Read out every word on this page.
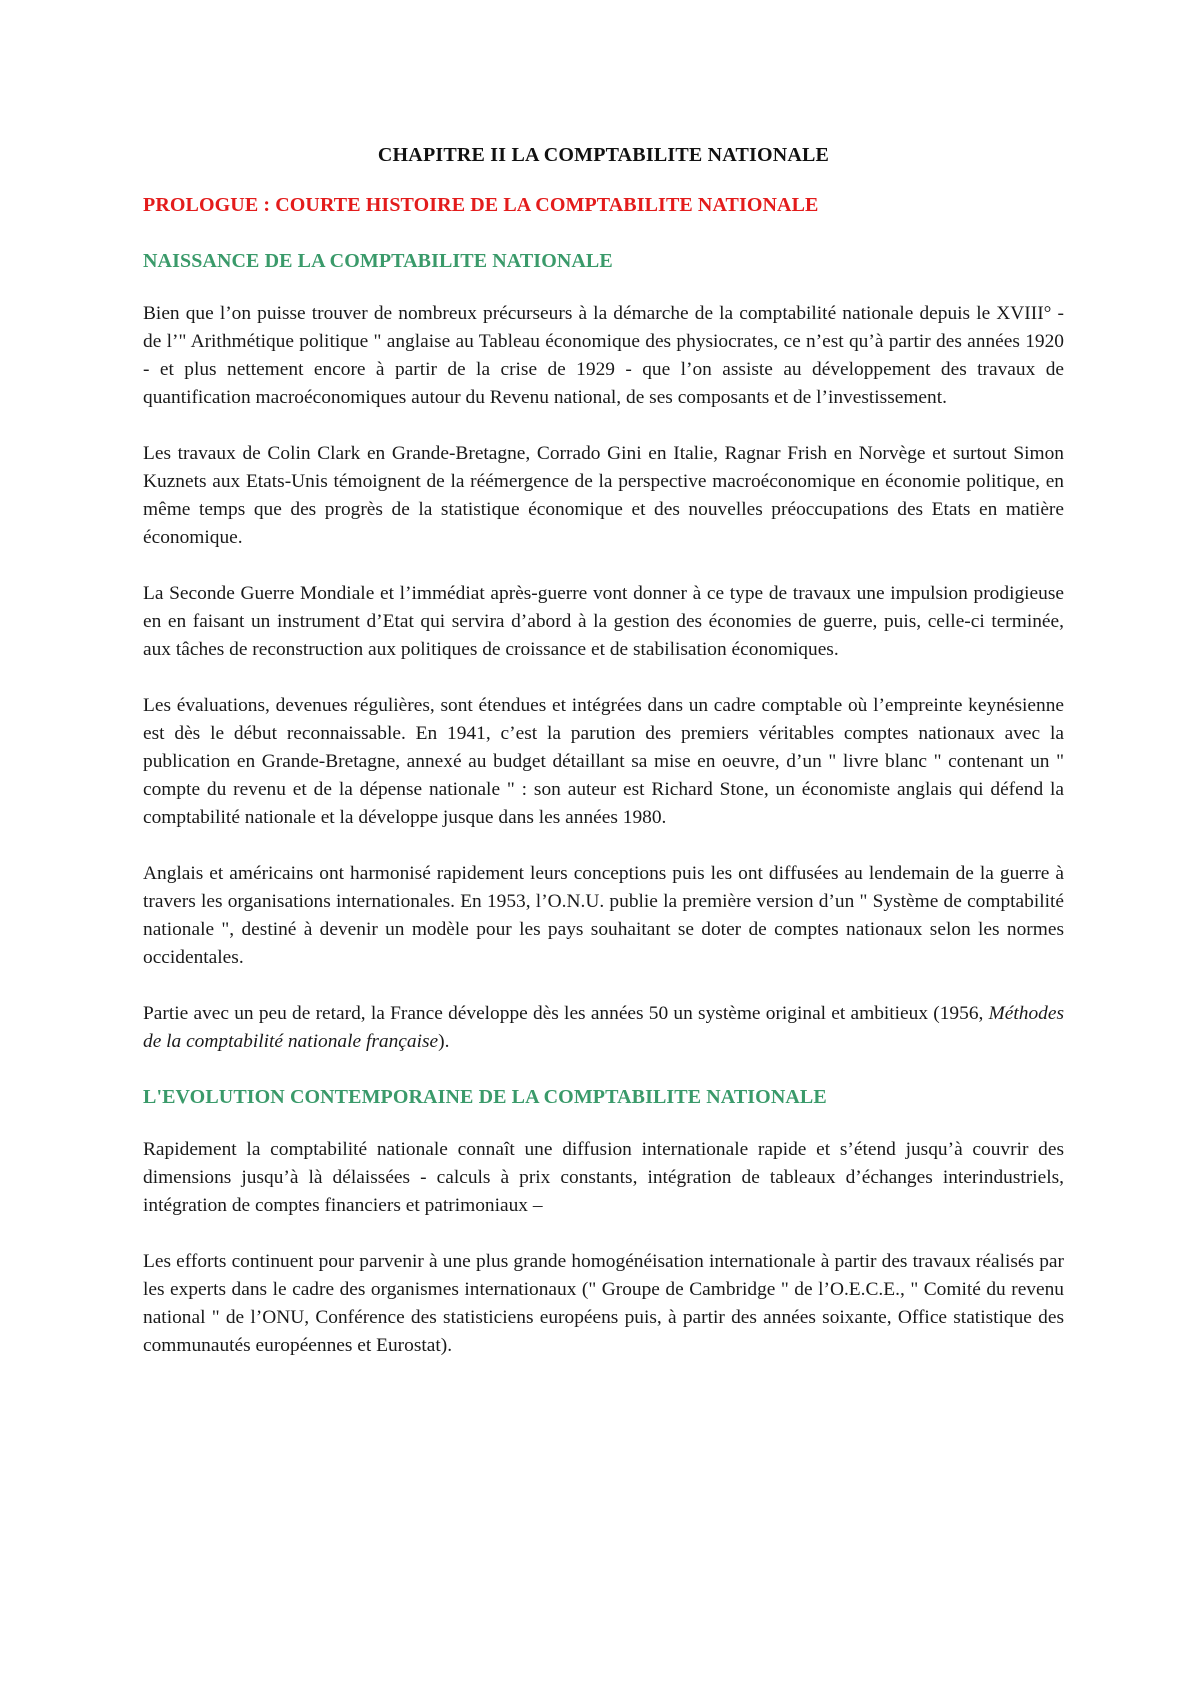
CHAPITRE II LA COMPTABILITE NATIONALE
PROLOGUE : COURTE HISTOIRE DE LA COMPTABILITE NATIONALE
NAISSANCE DE LA COMPTABILITE NATIONALE

Bien que l’on puisse trouver de nombreux précurseurs à la démarche de la comptabilité nationale depuis le XVIII° - de l’" Arithmétique politique " anglaise au Tableau économique des physiocrates, ce n’est qu’à partir des années 1920 - et plus nettement encore à partir de la crise de 1929 - que l’on assiste au développement des travaux de quantification macroéconomiques autour du Revenu national, de ses composants et de l’investissement.

Les travaux de Colin Clark en Grande-Bretagne, Corrado Gini en Italie, Ragnar Frish en Norvège et surtout Simon Kuznets aux Etats-Unis témoignent de la réémergence de la perspective macroéconomique en économie politique, en même temps que des progrès de la statistique économique et des nouvelles préoccupations des Etats en matière économique.

La Seconde Guerre Mondiale et l’immédiat après-guerre vont donner à ce type de travaux une impulsion prodigieuse en en faisant un instrument d’Etat qui servira d’abord à la gestion des économies de guerre, puis, celle-ci terminée, aux tâches de reconstruction aux politiques de croissance et de stabilisation économiques.

Les évaluations, devenues régulières, sont étendues et intégrées dans un cadre comptable où l’empreinte keynésienne est dès le début reconnaissable. En 1941, c’est la parution des premiers véritables comptes nationaux avec la publication en Grande-Bretagne, annexé au budget détaillant sa mise en oeuvre, d’un " livre blanc " contenant un " compte du revenu et de la dépense nationale " : son auteur est Richard Stone, un économiste anglais qui défend la comptabilité nationale et la développe jusque dans les années 1980.

Anglais et américains ont harmonisé rapidement leurs conceptions puis les ont diffusées au lendemain de la guerre à travers les organisations internationales. En 1953, l’O.N.U. publie la première version d’un " Système de comptabilité nationale ", destiné à devenir un modèle pour les pays souhaitant se doter de comptes nationaux selon les normes occidentales.

Partie avec un peu de retard, la France développe dès les années 50 un système original et ambitieux (1956, Méthodes de la comptabilité nationale française).

L'EVOLUTION CONTEMPORAINE DE LA COMPTABILITE NATIONALE

Rapidement la comptabilité nationale connaît une diffusion internationale rapide et s’étend jusqu’à couvrir des dimensions jusqu’à là délaissées - calculs à prix constants, intégration de tableaux d’échanges interindustriels, intégration de comptes financiers et patrimoniaux –

Les efforts continuent pour parvenir à une plus grande homogénéisation internationale à partir des travaux réalisés par les experts dans le cadre des organismes internationaux (" Groupe de Cambridge " de l’O.E.C.E., " Comité du revenu national " de l’ONU, Conférence des statisticiens européens puis, à partir des années soixante, Office statistique des communautés européennes et Eurostat).
